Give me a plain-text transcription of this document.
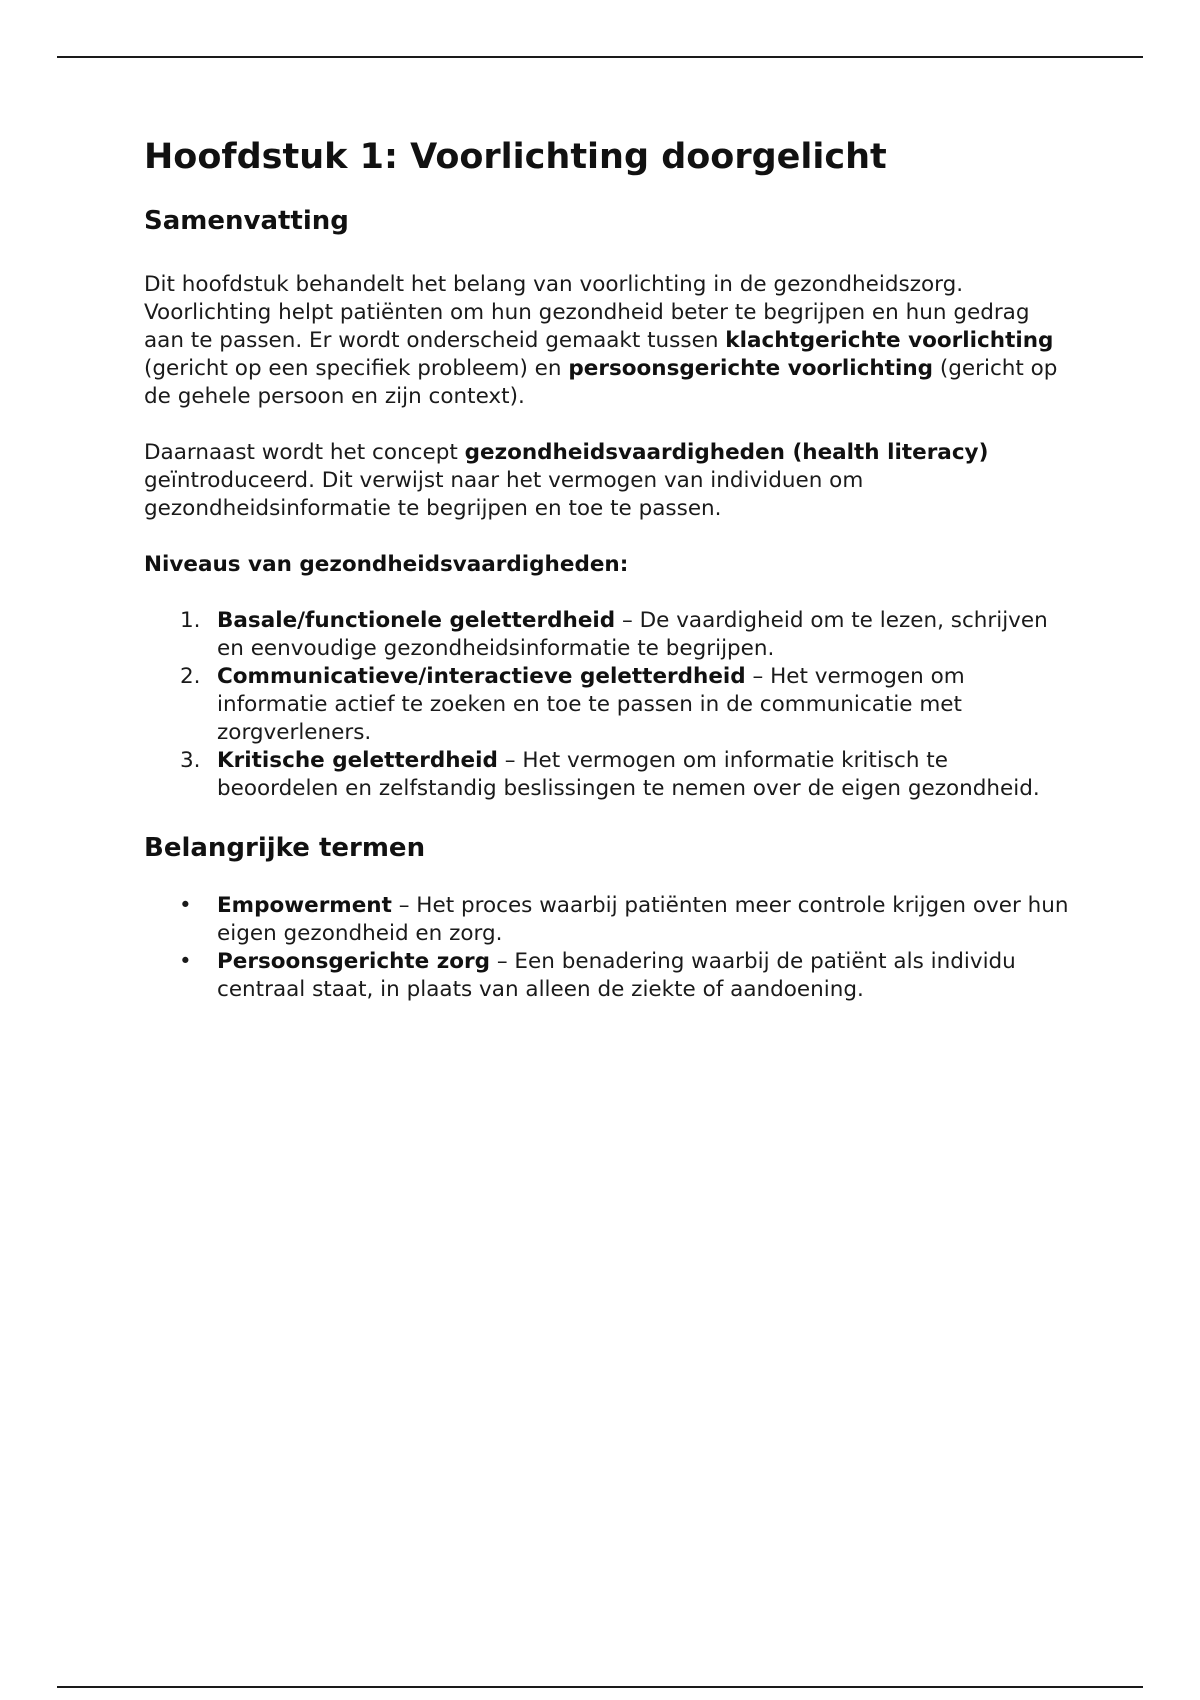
Hoofdstuk 1: Voorlichting doorgelicht
Samenvatting

Dit hoofdstuk behandelt het belang van voorlichting in de gezondheidszorg. Voorlichting helpt patiënten om hun gezondheid beter te begrijpen en hun gedrag aan te passen. Er wordt onderscheid gemaakt tussen klachtgerichte voorlichting (gericht op een specifiek probleem) en persoonsgerichte voorlichting (gericht op de gehele persoon en zijn context).

Daarnaast wordt het concept gezondheidsvaardigheden (health literacy) geïntroduceerd. Dit verwijst naar het vermogen van individuen om gezondheidsinformatie te begrijpen en toe te passen.

Niveaus van gezondheidsvaardigheden:

1. Basale/functionele geletterdheid – De vaardigheid om te lezen, schrijven en eenvoudige gezondheidsinformatie te begrijpen.
2. Communicatieve/interactieve geletterdheid – Het vermogen om informatie actief te zoeken en toe te passen in de communicatie met zorgverleners.
3. Kritische geletterdheid – Het vermogen om informatie kritisch te beoordelen en zelfstandig beslissingen te nemen over de eigen gezondheid.
Belangrijke termen
• Empowerment – Het proces waarbij patiënten meer controle krijgen over hun eigen gezondheid en zorg.
• Persoonsgerichte zorg – Een benadering waarbij de patiënt als individu centraal staat, in plaats van alleen de ziekte of aandoening.
